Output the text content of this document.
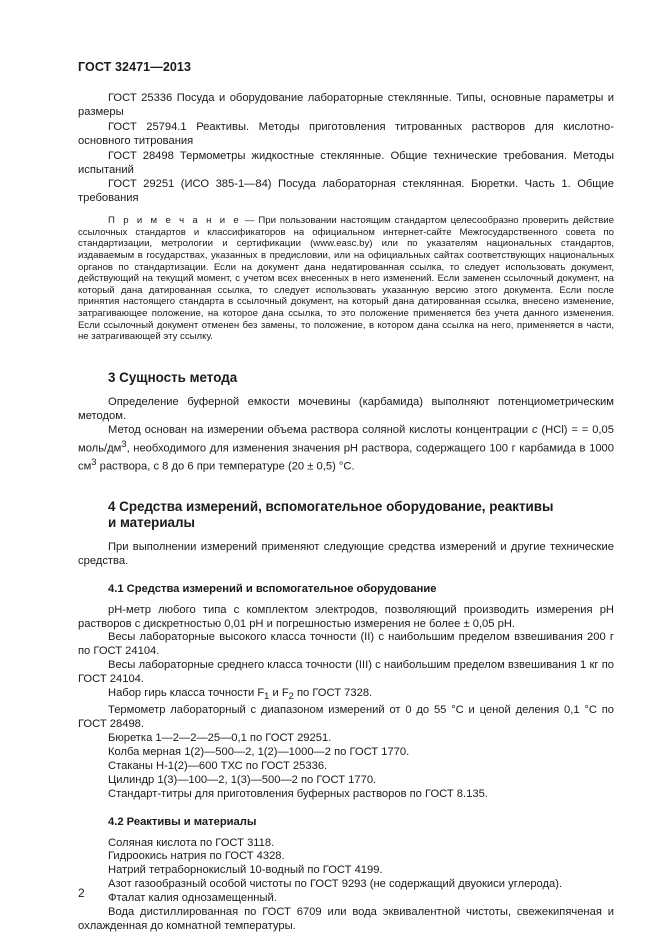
ГОСТ 32471—2013

ГОСТ 25336 Посуда и оборудование лабораторные стеклянные. Типы, основные параметры и размеры

ГОСТ 25794.1 Реактивы. Методы приготовления титрованных растворов для кислотно-основного титрования

ГОСТ 28498 Термометры жидкостные стеклянные. Общие технические требования. Методы испытаний

ГОСТ 29251 (ИСО 385-1—84) Посуда лабораторная стеклянная. Бюретки. Часть 1. Общие требования

П р и м е ч а н и е — При пользовании настоящим стандартом целесообразно проверить действие ссылочных стандартов и классификаторов на официальном интернет-сайте Межгосударственного совета по стандартизации, метрологии и сертификации (www.easc.by) или по указателям национальных стандартов, издаваемым в государствах, указанных в предисловии, или на официальных сайтах соответствующих национальных органов по стандартизации. Если на документ дана недатированная ссылка, то следует использовать документ, действующий на текущий момент, с учетом всех внесенных в него изменений. Если заменен ссылочный документ, на который дана датированная ссылка, то следует использовать указанную версию этого документа. Если после принятия настоящего стандарта в ссылочный документ, на который дана датированная ссылка, внесено изменение, затрагивающее положение, на которое дана ссылка, то это положение применяется без учета данного изменения. Если ссылочный документ отменен без замены, то положение, в котором дана ссылка на него, применяется в части, не затрагивающей эту ссылку.

3 Сущность метода

Определение буферной емкости мочевины (карбамида) выполняют потенциометрическим методом.

Метод основан на измерении объема раствора соляной кислоты концентрации c (HCl) = = 0,05 моль/$дм^3$, необходимого для изменения значения pH раствора, содержащего 100 г карбамида в 1000 $см^3$ раствора, с 8 до 6 при температуре (20 ± 0,5) °С.

4 Средства измерений, вспомогательное оборудование, реактивы
и материалы

При выполнении измерений применяют следующие средства измерений и другие технические средства.

4.1 Средства измерений и вспомогательное оборудование

pH-метр любого типа с комплектом электродов, позволяющий производить измерения pH растворов с дискретностью 0,01 pH и погрешностью измерения не более ± 0,05 pH.

Весы лабораторные высокого класса точности (II) с наибольшим пределом взвешивания 200 г по ГОСТ 24104.

Весы лабораторные среднего класса точности (III) с наибольшим пределом взвешивания 1 кг по ГОСТ 24104.

Набор гирь класса точности $F_1$ и $F_2$ по ГОСТ 7328.

Термометр лабораторный с диапазоном измерений от 0 до 55 °С и ценой деления 0,1 °С по ГОСТ 28498.

Бюретка 1—2—2—25—0,1 по ГОСТ 29251.

Колба мерная 1(2)—500—2, 1(2)—1000—2 по ГОСТ 1770.

Стаканы Н-1(2)—600 ТХС по ГОСТ 25336.

Цилиндр 1(3)—100—2, 1(3)—500—2 по ГОСТ 1770.

Стандарт-титры для приготовления буферных растворов по ГОСТ 8.135.

4.2 Реактивы и материалы

Соляная кислота по ГОСТ 3118.

Гидроокись натрия по ГОСТ 4328.

Натрий тетраборнокислый 10-водный по ГОСТ 4199.

Азот газообразный особой чистоты по ГОСТ 9293 (не содержащий двуокиси углерода).

Фталат калия однозамещенный.

Вода дистиллированная по ГОСТ 6709 или вода эквивалентной чистоты, свежекипяченая и охлажденная до комнатной температуры.

2
